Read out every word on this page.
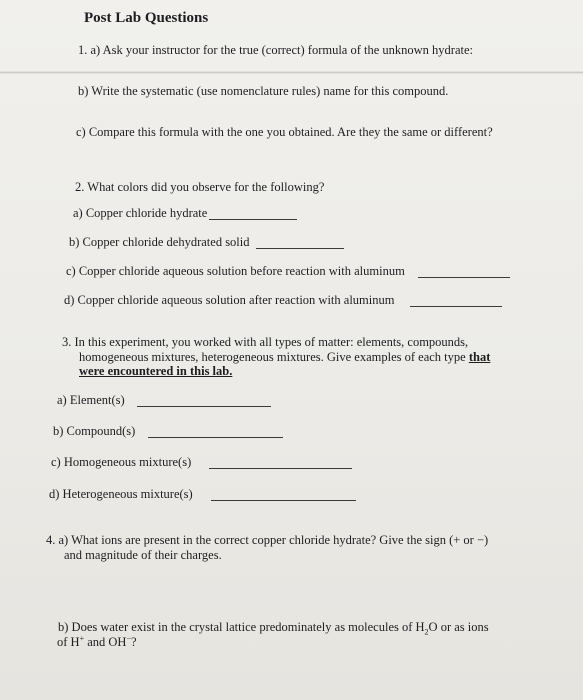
Post Lab Questions
1. a) Ask your instructor for the true (correct) formula of the unknown hydrate:
b) Write the systematic (use nomenclature rules) name for this compound.
c) Compare this formula with the one you obtained. Are they the same or different?
2. What colors did you observe for the following?
a) Copper chloride hydrate
b) Copper chloride dehydrated solid
c) Copper chloride aqueous solution before reaction with aluminum
d) Copper chloride aqueous solution after reaction with aluminum
3. In this experiment, you worked with all types of matter: elements, compounds,
homogeneous mixtures, heterogeneous mixtures. Give examples of each type that
were encountered in this lab.
a) Element(s)
b) Compound(s)
c) Homogeneous mixture(s)
d) Heterogeneous mixture(s)
4. a) What ions are present in the correct copper chloride hydrate? Give the sign (+ or −)
and magnitude of their charges.
b) Does water exist in the crystal lattice predominately as molecules of $H_2O$ or as ions
of H+ and OH−?
